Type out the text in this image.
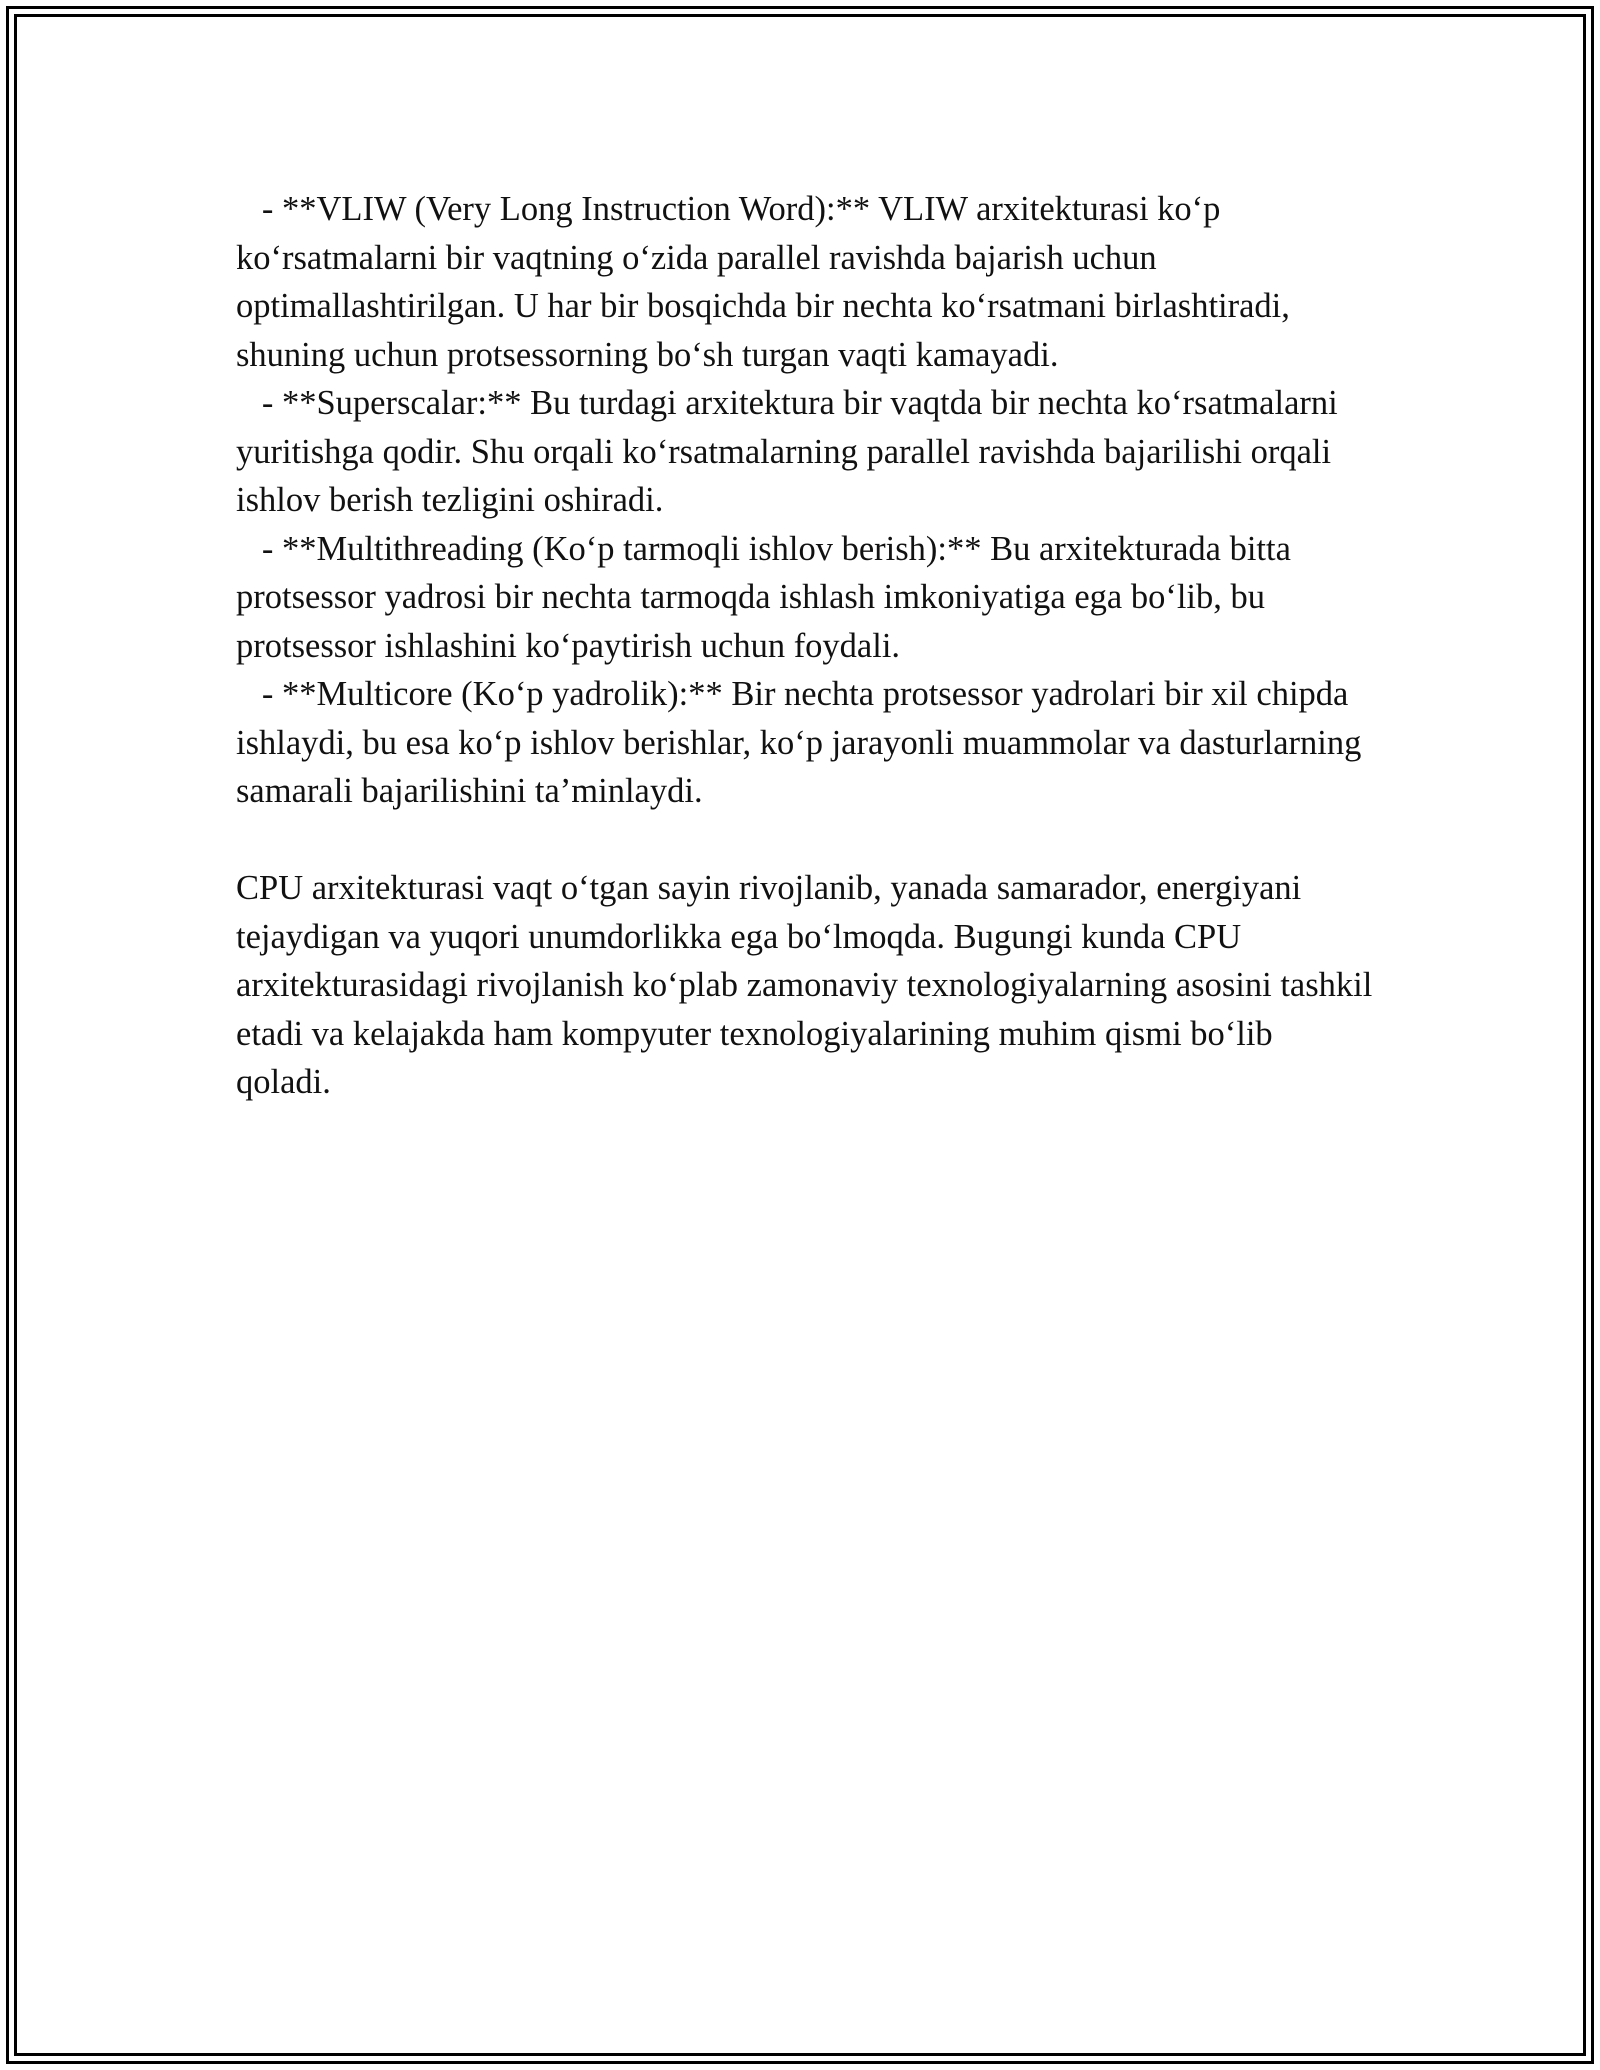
- **VLIW (Very Long Instruction Word):** VLIW arxitekturasi ko‘p ko‘rsatmalarni bir vaqtning o‘zida parallel ravishda bajarish uchun optimallashtirilgan. U har bir bosqichda bir nechta ko‘rsatmani birlashtiradi, shuning uchun protsessorning bo‘sh turgan vaqti kamayadi.

- **Superscalar:** Bu turdagi arxitektura bir vaqtda bir nechta ko‘rsatmalarni yuritishga qodir. Shu orqali ko‘rsatmalarning parallel ravishda bajarilishi orqali ishlov berish tezligini oshiradi.

- **Multithreading (Ko‘p tarmoqli ishlov berish):** Bu arxitekturada bitta protsessor yadrosi bir nechta tarmoqda ishlash imkoniyatiga ega bo‘lib, bu protsessor ishlashini ko‘paytirish uchun foydali.

- **Multicore (Ko‘p yadrolik):** Bir nechta protsessor yadrolari bir xil chipda ishlaydi, bu esa ko‘p ishlov berishlar, ko‘p jarayonli muammolar va dasturlarning samarali bajarilishini ta’minlaydi.

CPU arxitekturasi vaqt o‘tgan sayin rivojlanib, yanada samarador, energiyani tejaydigan va yuqori unumdorlikka ega bo‘lmoqda. Bugungi kunda CPU arxitekturasidagi rivojlanish ko‘plab zamonaviy texnologiyalarning asosini tashkil etadi va kelajakda ham kompyuter texnologiyalarining muhim qismi bo‘lib qoladi.
